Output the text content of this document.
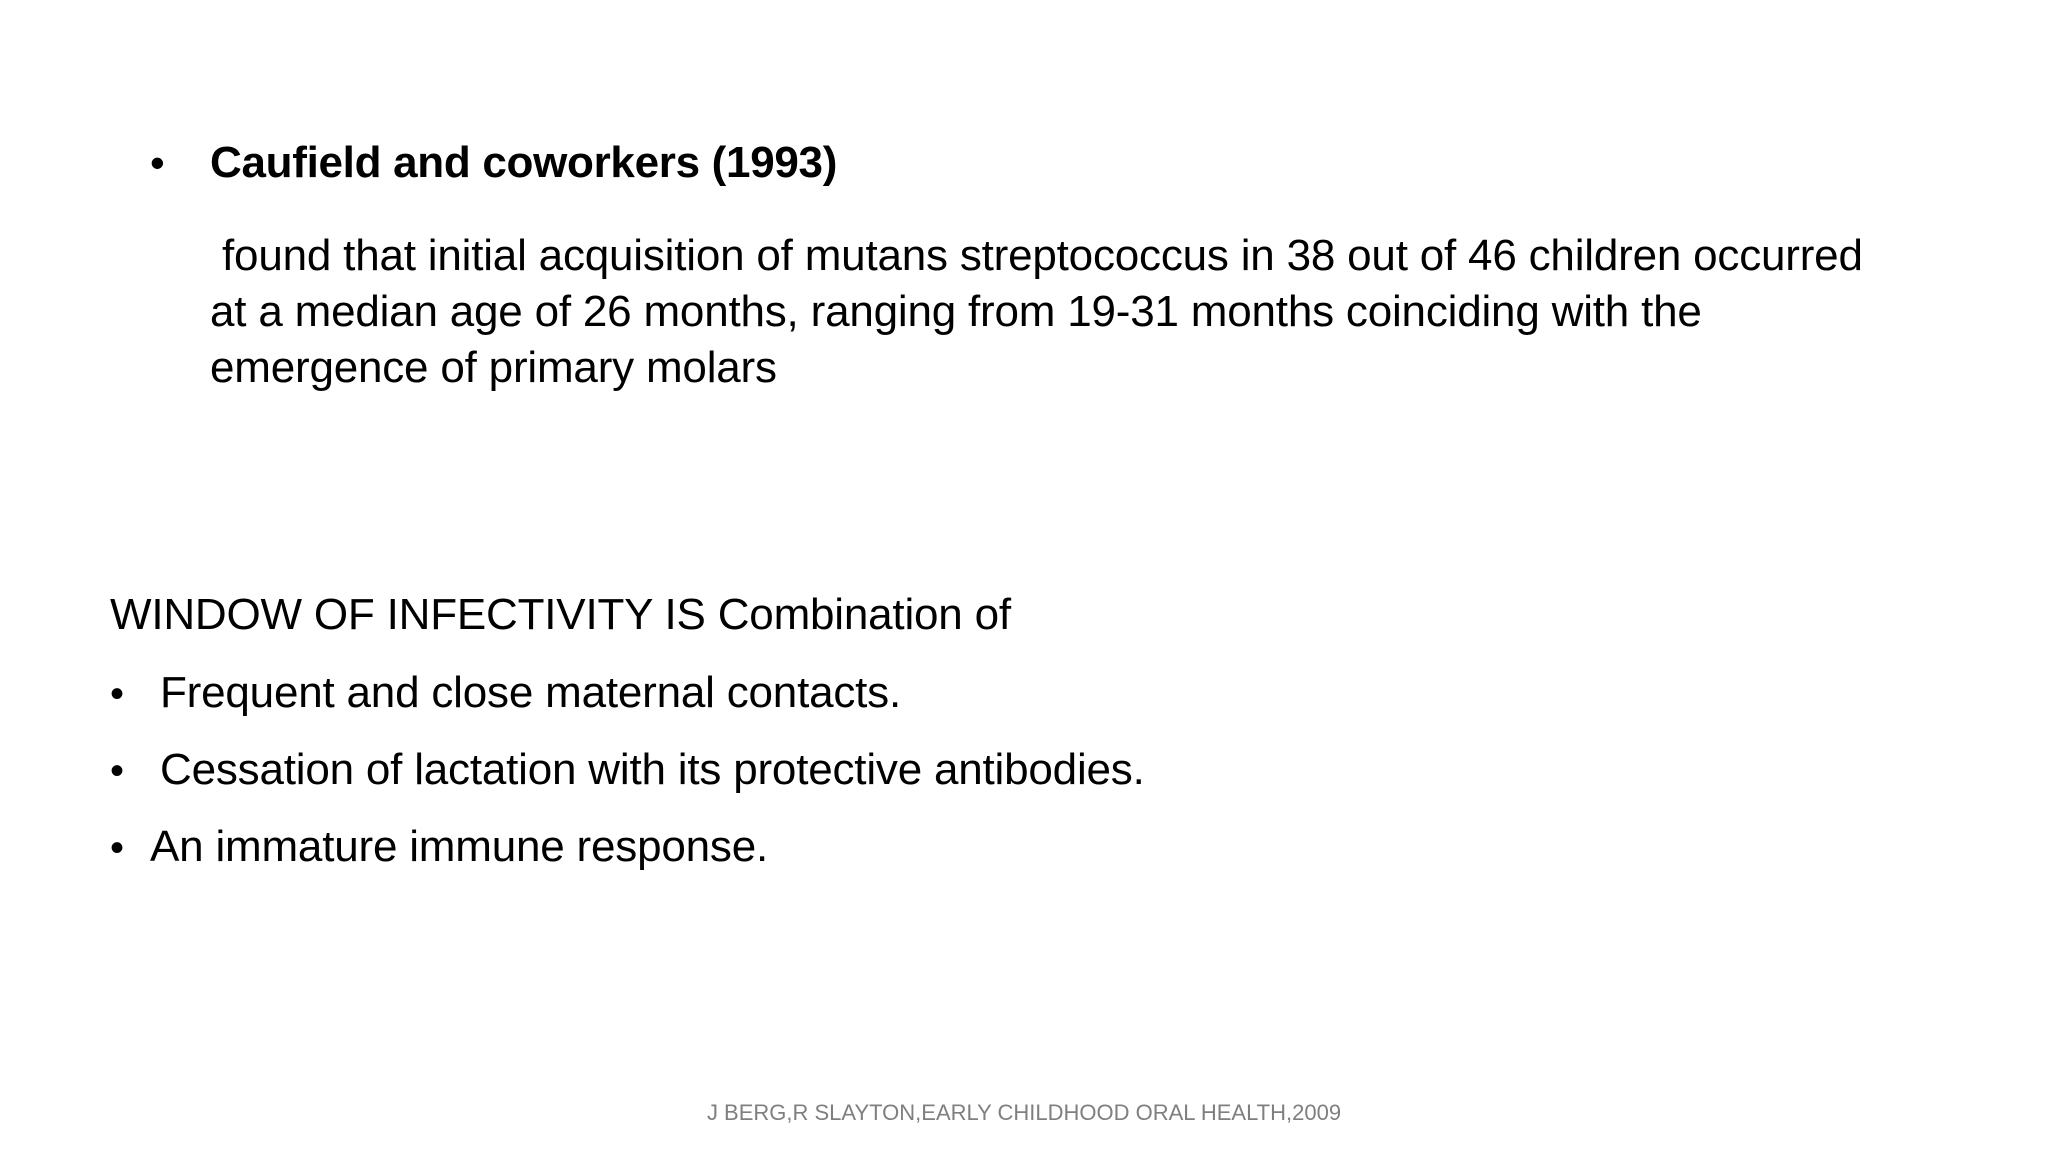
•	Caufield and coworkers (1993)
found that initial acquisition of mutans streptococcus in 38 out of 46 children occurred at a median age of 26 months, ranging from 19-31 months coinciding with the emergence of primary molars
WINDOW OF INFECTIVITY IS Combination of
• Frequent and close maternal contacts.
• Cessation of lactation with its protective antibodies.
• An immature immune response.
J BERG,R SLAYTON,EARLY CHILDHOOD ORAL HEALTH,2009
